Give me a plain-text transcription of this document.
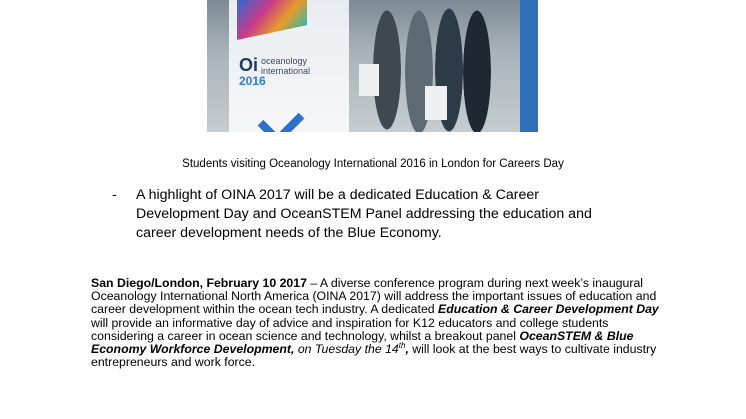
Oi oceanology
international
2016
Students visiting Oceanology International 2016 in London for Careers Day
- A highlight of OINA 2017 will be a dedicated Education & Career
Development Day and OceanSTEM Panel addressing the education and
career development needs of the Blue Economy.
San Diego/London, February 10 2017 – A diverse conference program during next week’s inaugural Oceanology International North America (OINA 2017) will address the important issues of education and career development within the ocean tech industry. A dedicated Education & Career Development Day will provide an informative day of advice and inspiration for K12 educators and college students considering a career in ocean science and technology, whilst a breakout panel OceanSTEM & Blue Economy Workforce Development, on Tuesday the 14th, will look at the best ways to cultivate industry entrepreneurs and work force.
